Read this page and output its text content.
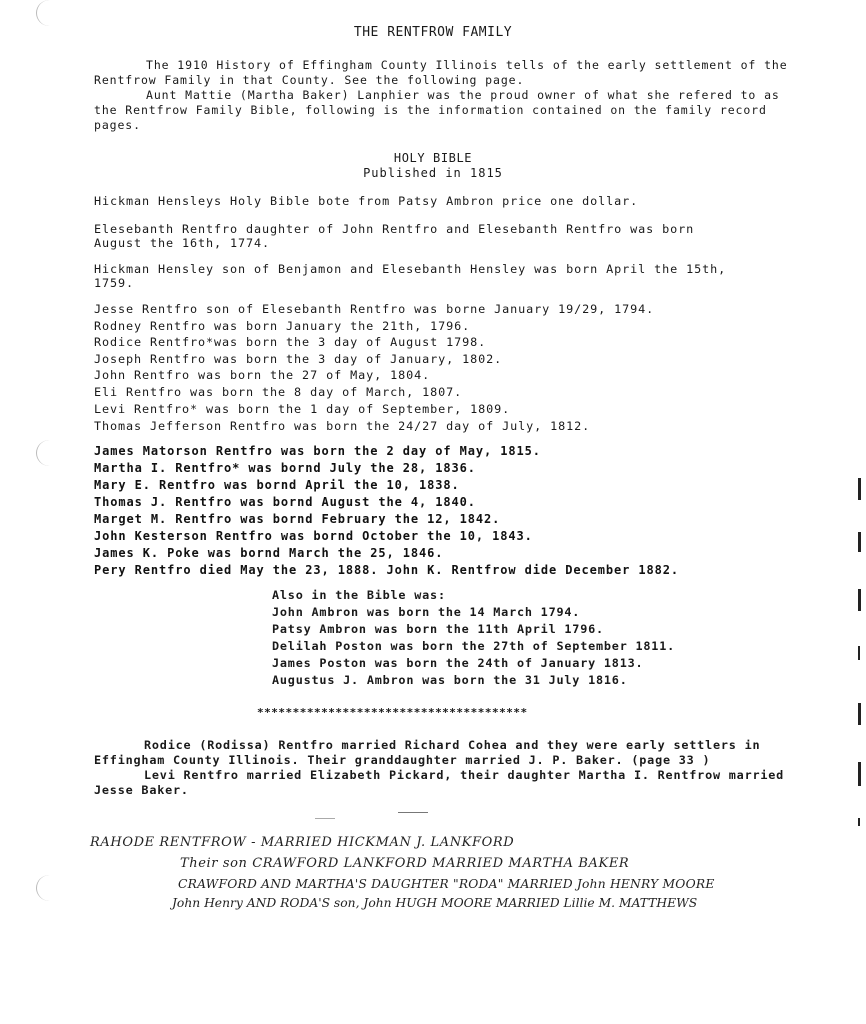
THE RENTFROW FAMILY

The 1910 History of Effingham County Illinois tells of the early settlement of the Rentfrow Family in that County. See the following page.

Aunt Mattie (Martha Baker) Lanphier was the proud owner of what she refered to as the Rentfrow Family Bible, following is the information contained on the family record pages.

HOLY BIBLE
Published in 1815
Hickman Hensleys Holy Bible bote from Patsy Ambron price one dollar.
Elesebanth Rentfro daughter of John Rentfro and Elesebanth Rentfro was born
August the 16th, 1774.
Hickman Hensley son of Benjamon and Elesebanth Hensley was born April the 15th,
1759.
Jesse Rentfro son of Elesebanth Rentfro was borne January 19/29, 1794.
Rodney Rentfro was born January the 21th, 1796.
Rodice Rentfro*was born the 3 day of August 1798.
Joseph Rentfro was born the 3 day of January, 1802.
John Rentfro was born the 27 of May, 1804.
Eli Rentfro was born the 8 day of March, 1807.
Levi Rentfro* was born the 1 day of September, 1809.
Thomas Jefferson Rentfro was born the 24/27 day of July, 1812.
James Matorson Rentfro was born the 2 day of May, 1815.
Martha I. Rentfro* was bornd July the 28, 1836.
Mary E. Rentfro was bornd April the 10, 1838.
Thomas J. Rentfro was bornd August the 4, 1840.
Marget M. Rentfro was bornd February the 12, 1842.
John Kesterson Rentfro was bornd October the 10, 1843.
James K. Poke was bornd March the 25, 1846.
Pery Rentfro died May the 23, 1888. John K. Rentfrow dide December 1882.
Also in the Bible was:
John Ambron was born the 14 March 1794.
Patsy Ambron was born the 11th April 1796.
Delilah Poston was born the 27th of September 1811.
James Poston was born the 24th of January 1813.
Augustus J. Ambron was born the 31 July 1816.
**************************************

Rodice (Rodissa) Rentfro married Richard Cohea and they were early settlers in Effingham County Illinois. Their granddaughter married J. P. Baker. (page 33 )

Levi Rentfro married Elizabeth Pickard, their daughter Martha I. Rentfrow married Jesse Baker.

RAHODE RENTFROW - MARRIED HICKMAN J. LANKFORD
Their son CRAWFORD LANKFORD MARRIED MARTHA BAKER
CRAWFORD AND MARTHA'S DAUGHTER "RODA" MARRIED John HENRY MOORE
John Henry AND RODA'S son, John HUGH MOORE MARRIED Lillie M. MATTHEWS
